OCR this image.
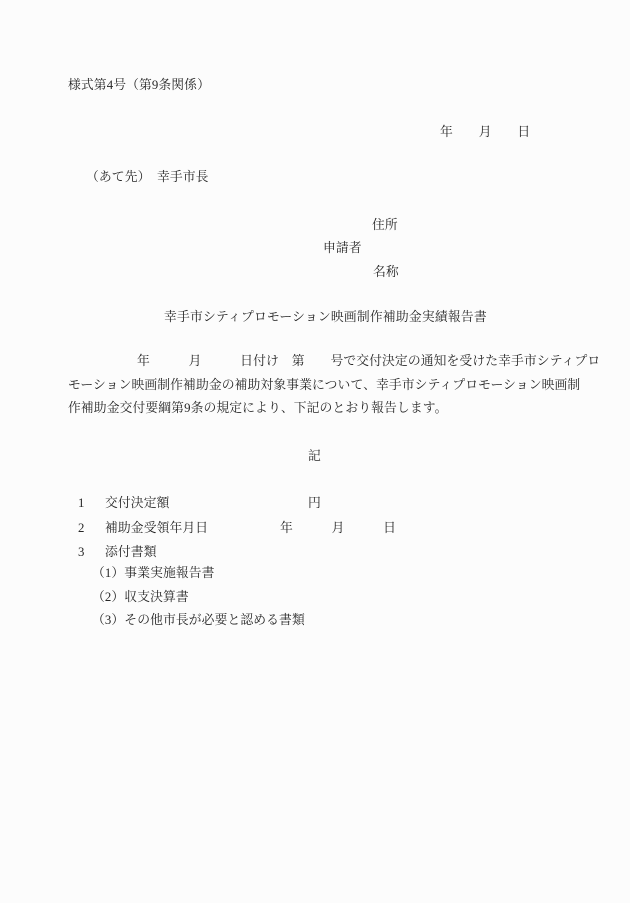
様式第4号（第9条関係）
年　　月　　日
（あて先）　幸手市長
住所
申請者
名称
幸手市シティプロモーション映画制作補助金実績報告書
年　　　月　　　日付け　第　　号で交付決定の通知を受けた幸手市シティプロ
モーション映画制作補助金の補助対象事業について、幸手市シティプロモーション映画制
作補助金交付要綱第9条の規定により、下記のとおり報告します。
記
1 交付決定額	円
2 補助金受領年月日	年　　　月　　　日
3 添付書類
（1）事業実施報告書
（2）収支決算書
（3）その他市長が必要と認める書類
